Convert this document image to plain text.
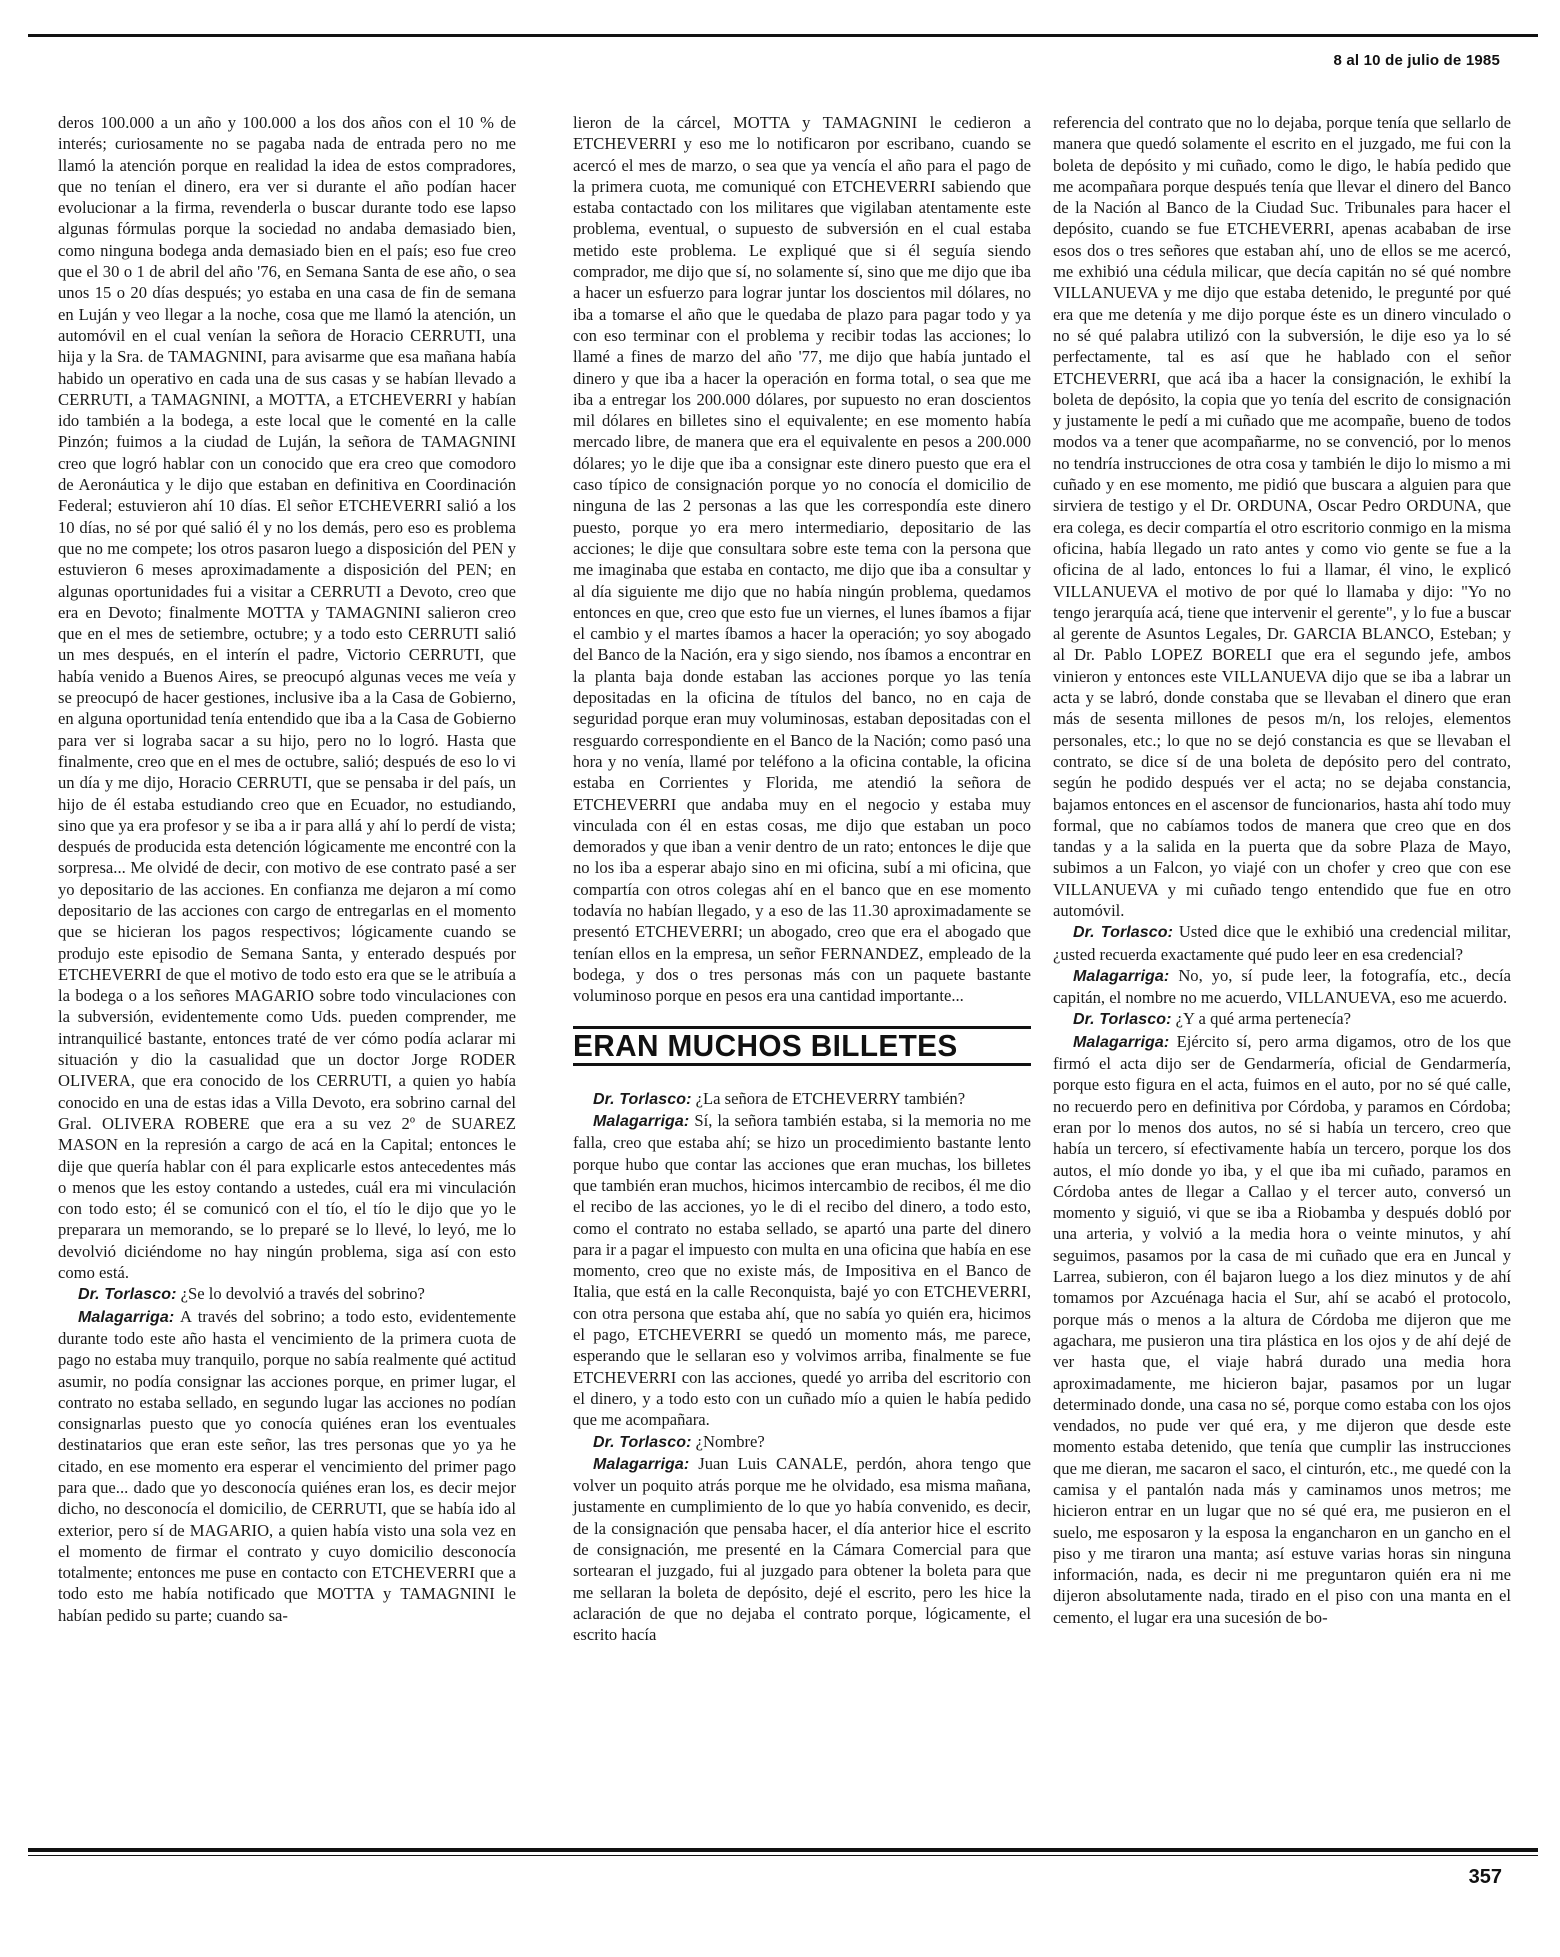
8 al 10 de julio de 1985

deros 100.000 a un año y 100.000 a los dos años con el 10 % de interés; curiosamente no se pagaba nada de entrada pero no me llamó la atención porque en realidad la idea de estos compradores, que no tenían el dinero, era ver si durante el año podían hacer evolucionar a la firma, revenderla o buscar durante todo ese lapso algunas fórmulas porque la sociedad no andaba demasiado bien, como ninguna bodega anda demasiado bien en el país; eso fue creo que el 30 o 1 de abril del año '76, en Semana Santa de ese año, o sea unos 15 o 20 días después; yo estaba en una casa de fin de semana en Luján y veo llegar a la noche, cosa que me llamó la atención, un automóvil en el cual venían la señora de Horacio CERRUTI, una hija y la Sra. de TAMAGNINI, para avisarme que esa mañana había habido un operativo en cada una de sus casas y se habían llevado a CERRUTI, a TAMAGNINI, a MOTTA, a ETCHEVERRI y habían ido también a la bodega, a este local que le comenté en la calle Pinzón; fuimos a la ciudad de Luján, la señora de TAMAGNINI creo que logró hablar con un conocido que era creo que comodoro de Aeronáutica y le dijo que estaban en definitiva en Coordinación Federal; estuvieron ahí 10 días. El señor ETCHEVERRI salió a los 10 días, no sé por qué salió él y no los demás, pero eso es problema que no me compete; los otros pasaron luego a disposición del PEN y estuvieron 6 meses aproximadamente a disposición del PEN; en algunas oportunidades fui a visitar a CERRUTI a Devoto, creo que era en Devoto; finalmente MOTTA y TAMAGNINI salieron creo que en el mes de setiembre, octubre; y a todo esto CERRUTI salió un mes después, en el interín el padre, Victorio CERRUTI, que había venido a Buenos Aires, se preocupó algunas veces me veía y se preocupó de hacer gestiones, inclusive iba a la Casa de Gobierno, en alguna oportunidad tenía entendido que iba a la Casa de Gobierno para ver si lograba sacar a su hijo, pero no lo logró. Hasta que finalmente, creo que en el mes de octubre, salió; después de eso lo vi un día y me dijo, Horacio CERRUTI, que se pensaba ir del país, un hijo de él estaba estudiando creo que en Ecuador, no estudiando, sino que ya era profesor y se iba a ir para allá y ahí lo perdí de vista; después de producida esta detención lógicamente me encontré con la sorpresa... Me olvidé de decir, con motivo de ese contrato pasé a ser yo depositario de las acciones. En confianza me dejaron a mí como depositario de las acciones con cargo de entregarlas en el momento que se hicieran los pagos respectivos; lógicamente cuando se produjo este episodio de Semana Santa, y enterado después por ETCHEVERRI de que el motivo de todo esto era que se le atribuía a la bodega o a los señores MAGARIO sobre todo vinculaciones con la subversión, evidentemente como Uds. pueden comprender, me intranquilicé bastante, entonces traté de ver cómo podía aclarar mi situación y dio la casualidad que un doctor Jorge RODER OLIVERA, que era conocido de los CERRUTI, a quien yo había conocido en una de estas idas a Villa Devoto, era sobrino carnal del Gral. OLIVERA ROBERE que era a su vez 2º de SUAREZ MASON en la represión a cargo de acá en la Capital; entonces le dije que quería hablar con él para explicarle estos antecedentes más o menos que les estoy contando a ustedes, cuál era mi vinculación con todo esto; él se comunicó con el tío, el tío le dijo que yo le preparara un memorando, se lo preparé se lo llevé, lo leyó, me lo devolvió diciéndome no hay ningún problema, siga así con esto como está.

Dr. Torlasco: ¿Se lo devolvió a través del sobrino?

Malagarriga: A través del sobrino; a todo esto, evidentemente durante todo este año hasta el vencimiento de la primera cuota de pago no estaba muy tranquilo, porque no sabía realmente qué actitud asumir, no podía consignar las acciones porque, en primer lugar, el contrato no estaba sellado, en segundo lugar las acciones no podían consignarlas puesto que yo conocía quiénes eran los eventuales destinatarios que eran este señor, las tres personas que yo ya he citado, en ese momento era esperar el vencimiento del primer pago para que... dado que yo desconocía quiénes eran los, es decir mejor dicho, no desconocía el domicilio, de CERRUTI, que se había ido al exterior, pero sí de MAGARIO, a quien había visto una sola vez en el momento de firmar el contrato y cuyo domicilio desconocía totalmente; entonces me puse en contacto con ETCHEVERRI que a todo esto me había notificado que MOTTA y TAMAGNINI le habían pedido su parte; cuando sa-

lieron de la cárcel, MOTTA y TAMAGNINI le cedieron a ETCHEVERRI y eso me lo notificaron por escribano, cuando se acercó el mes de marzo, o sea que ya vencía el año para el pago de la primera cuota, me comuniqué con ETCHEVERRI sabiendo que estaba contactado con los militares que vigilaban atentamente este problema, eventual, o supuesto de subversión en el cual estaba metido este problema. Le expliqué que si él seguía siendo comprador, me dijo que sí, no solamente sí, sino que me dijo que iba a hacer un esfuerzo para lograr juntar los doscientos mil dólares, no iba a tomarse el año que le quedaba de plazo para pagar todo y ya con eso terminar con el problema y recibir todas las acciones; lo llamé a fines de marzo del año '77, me dijo que había juntado el dinero y que iba a hacer la operación en forma total, o sea que me iba a entregar los 200.000 dólares, por supuesto no eran doscientos mil dólares en billetes sino el equivalente; en ese momento había mercado libre, de manera que era el equivalente en pesos a 200.000 dólares; yo le dije que iba a consignar este dinero puesto que era el caso típico de consignación porque yo no conocía el domicilio de ninguna de las 2 personas a las que les correspondía este dinero puesto, porque yo era mero intermediario, depositario de las acciones; le dije que consultara sobre este tema con la persona que me imaginaba que estaba en contacto, me dijo que iba a consultar y al día siguiente me dijo que no había ningún problema, quedamos entonces en que, creo que esto fue un viernes, el lunes íbamos a fijar el cambio y el martes íbamos a hacer la operación; yo soy abogado del Banco de la Nación, era y sigo siendo, nos íbamos a encontrar en la planta baja donde estaban las acciones porque yo las tenía depositadas en la oficina de títulos del banco, no en caja de seguridad porque eran muy voluminosas, estaban depositadas con el resguardo correspondiente en el Banco de la Nación; como pasó una hora y no venía, llamé por teléfono a la oficina contable, la oficina estaba en Corrientes y Florida, me atendió la señora de ETCHEVERRI que andaba muy en el negocio y estaba muy vinculada con él en estas cosas, me dijo que estaban un poco demorados y que iban a venir dentro de un rato; entonces le dije que no los iba a esperar abajo sino en mi oficina, subí a mi oficina, que compartía con otros colegas ahí en el banco que en ese momento todavía no habían llegado, y a eso de las 11.30 aproximadamente se presentó ETCHEVERRI; un abogado, creo que era el abogado que tenían ellos en la empresa, un señor FERNANDEZ, empleado de la bodega, y dos o tres personas más con un paquete bastante voluminoso porque en pesos era una cantidad importante...

ERAN MUCHOS BILLETES

Dr. Torlasco: ¿La señora de ETCHEVERRY también?

Malagarriga: Sí, la señora también estaba, si la memoria no me falla, creo que estaba ahí; se hizo un procedimiento bastante lento porque hubo que contar las acciones que eran muchas, los billetes que también eran muchos, hicimos intercambio de recibos, él me dio el recibo de las acciones, yo le di el recibo del dinero, a todo esto, como el contrato no estaba sellado, se apartó una parte del dinero para ir a pagar el impuesto con multa en una oficina que había en ese momento, creo que no existe más, de Impositiva en el Banco de Italia, que está en la calle Reconquista, bajé yo con ETCHEVERRI, con otra persona que estaba ahí, que no sabía yo quién era, hicimos el pago, ETCHEVERRI se quedó un momento más, me parece, esperando que le sellaran eso y volvimos arriba, finalmente se fue ETCHEVERRI con las acciones, quedé yo arriba del escritorio con el dinero, y a todo esto con un cuñado mío a quien le había pedido que me acompañara.

Dr. Torlasco: ¿Nombre?

Malagarriga: Juan Luis CANALE, perdón, ahora tengo que volver un poquito atrás porque me he olvidado, esa misma mañana, justamente en cumplimiento de lo que yo había convenido, es decir, de la consignación que pensaba hacer, el día anterior hice el escrito de consignación, me presenté en la Cámara Comercial para que sortearan el juzgado, fui al juzgado para obtener la boleta para que me sellaran la boleta de depósito, dejé el escrito, pero les hice la aclaración de que no dejaba el contrato porque, lógicamente, el escrito hacía

referencia del contrato que no lo dejaba, porque tenía que sellarlo de manera que quedó solamente el escrito en el juzgado, me fui con la boleta de depósito y mi cuñado, como le digo, le había pedido que me acompañara porque después tenía que llevar el dinero del Banco de la Nación al Banco de la Ciudad Suc. Tribunales para hacer el depósito, cuando se fue ETCHEVERRI, apenas acababan de irse esos dos o tres señores que estaban ahí, uno de ellos se me acercó, me exhibió una cédula milicar, que decía capitán no sé qué nombre VILLANUEVA y me dijo que estaba detenido, le pregunté por qué era que me detenía y me dijo porque éste es un dinero vinculado o no sé qué palabra utilizó con la subversión, le dije eso ya lo sé perfectamente, tal es así que he hablado con el señor ETCHEVERRI, que acá iba a hacer la consignación, le exhibí la boleta de depósito, la copia que yo tenía del escrito de consignación y justamente le pedí a mi cuñado que me acompañe, bueno de todos modos va a tener que acompañarme, no se convenció, por lo menos no tendría instrucciones de otra cosa y también le dijo lo mismo a mi cuñado y en ese momento, me pidió que buscara a alguien para que sirviera de testigo y el Dr. ORDUNA, Oscar Pedro ORDUNA, que era colega, es decir compartía el otro escritorio conmigo en la misma oficina, había llegado un rato antes y como vio gente se fue a la oficina de al lado, entonces lo fui a llamar, él vino, le explicó VILLANUEVA el motivo de por qué lo llamaba y dijo: "Yo no tengo jerarquía acá, tiene que intervenir el gerente", y lo fue a buscar al gerente de Asuntos Legales, Dr. GARCIA BLANCO, Esteban; y al Dr. Pablo LOPEZ BORELI que era el segundo jefe, ambos vinieron y entonces este VILLANUEVA dijo que se iba a labrar un acta y se labró, donde constaba que se llevaban el dinero que eran más de sesenta millones de pesos m/n, los relojes, elementos personales, etc.; lo que no se dejó constancia es que se llevaban el contrato, se dice sí de una boleta de depósito pero del contrato, según he podido después ver el acta; no se dejaba constancia, bajamos entonces en el ascensor de funcionarios, hasta ahí todo muy formal, que no cabíamos todos de manera que creo que en dos tandas y a la salida en la puerta que da sobre Plaza de Mayo, subimos a un Falcon, yo viajé con un chofer y creo que con ese VILLANUEVA y mi cuñado tengo entendido que fue en otro automóvil.

Dr. Torlasco: Usted dice que le exhibió una credencial militar, ¿usted recuerda exactamente qué pudo leer en esa credencial?

Malagarriga: No, yo, sí pude leer, la fotografía, etc., decía capitán, el nombre no me acuerdo, VILLANUEVA, eso me acuerdo.

Dr. Torlasco: ¿Y a qué arma pertenecía?

Malagarriga: Ejército sí, pero arma digamos, otro de los que firmó el acta dijo ser de Gendarmería, oficial de Gendarmería, porque esto figura en el acta, fuimos en el auto, por no sé qué calle, no recuerdo pero en definitiva por Córdoba, y paramos en Córdoba; eran por lo menos dos autos, no sé si había un tercero, creo que había un tercero, sí efectivamente había un tercero, porque los dos autos, el mío donde yo iba, y el que iba mi cuñado, paramos en Córdoba antes de llegar a Callao y el tercer auto, conversó un momento y siguió, vi que se iba a Riobamba y después dobló por una arteria, y volvió a la media hora o veinte minutos, y ahí seguimos, pasamos por la casa de mi cuñado que era en Juncal y Larrea, subieron, con él bajaron luego a los diez minutos y de ahí tomamos por Azcuénaga hacia el Sur, ahí se acabó el protocolo, porque más o menos a la altura de Córdoba me dijeron que me agachara, me pusieron una tira plástica en los ojos y de ahí dejé de ver hasta que, el viaje habrá durado una media hora aproximadamente, me hicieron bajar, pasamos por un lugar determinado donde, una casa no sé, porque como estaba con los ojos vendados, no pude ver qué era, y me dijeron que desde este momento estaba detenido, que tenía que cumplir las instrucciones que me dieran, me sacaron el saco, el cinturón, etc., me quedé con la camisa y el pantalón nada más y caminamos unos metros; me hicieron entrar en un lugar que no sé qué era, me pusieron en el suelo, me esposaron y la esposa la engancharon en un gancho en el piso y me tiraron una manta; así estuve varias horas sin ninguna información, nada, es decir ni me preguntaron quién era ni me dijeron absolutamente nada, tirado en el piso con una manta en el cemento, el lugar era una sucesión de bo-

357
